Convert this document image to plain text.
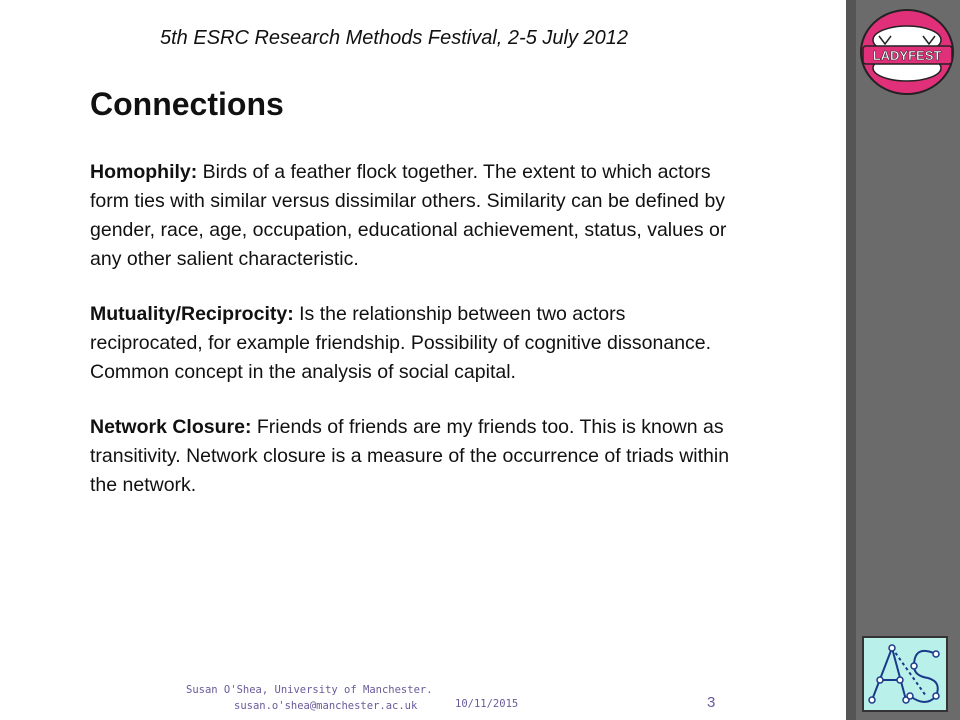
5th ESRC Research Methods Festival, 2-5 July 2012
Connections

Homophily: Birds of a feather flock together. The extent to which actors form ties with similar versus dissimilar others. Similarity can be defined by gender, race, age, occupation, educational achievement, status, values or any other salient characteristic.

Mutuality/Reciprocity: Is the relationship between two actors reciprocated, for example friendship. Possibility of cognitive dissonance.
Common concept in the analysis of social capital.

Network Closure: Friends of friends are my friends too. This is known as transitivity. Network closure is a measure of the occurrence of triads within the network.

LADYFEST
Susan O'Shea, University of Manchester.
susan.o'shea@manchester.ac.uk	10/11/2015	3
